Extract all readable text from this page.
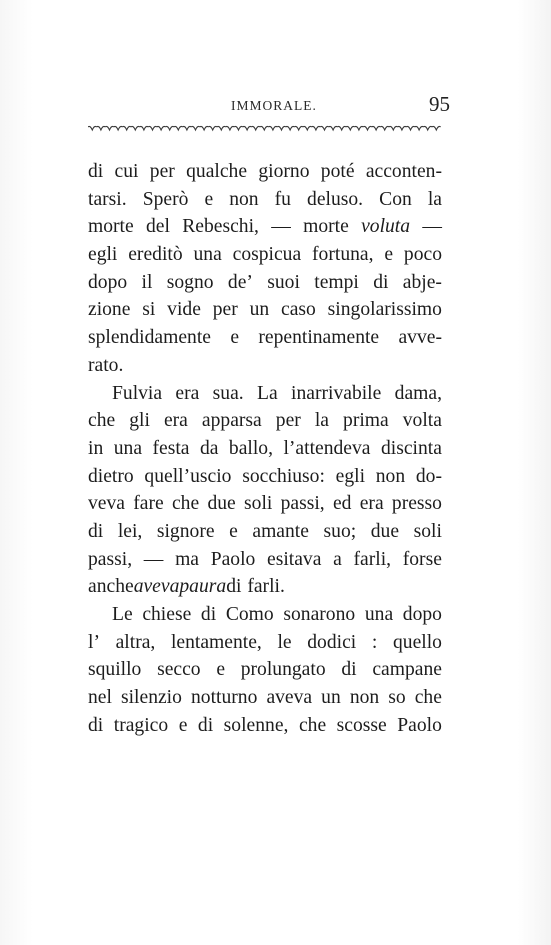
IMMORALE.	95
di cui per qualche giorno poté acconten-
tarsi. Sperò e non fu deluso. Con la
morte del Rebeschi, — morte voluta —
egli ereditò una cospicua fortuna, e poco
dopo il sogno de’ suoi tempi di abje-
zione si vide per un caso singolarissimo
splendidamente e repentinamente avve-
rato.
Fulvia era sua. La inarrivabile dama,
che gli era apparsa per la prima volta
in una festa da ballo, l’attendeva discinta
dietro quell’uscio socchiuso: egli non do-
veva fare che due soli passi, ed era presso
di lei, signore e amante suo; due soli
passi, — ma Paolo esitava a farli, forse
anche aveva paura di farli.
Le chiese di Como sonarono una dopo
l’ altra, lentamente, le dodici : quello
squillo secco e prolungato di campane
nel silenzio notturno aveva un non so che
di tragico e di solenne, che scosse Paolo
